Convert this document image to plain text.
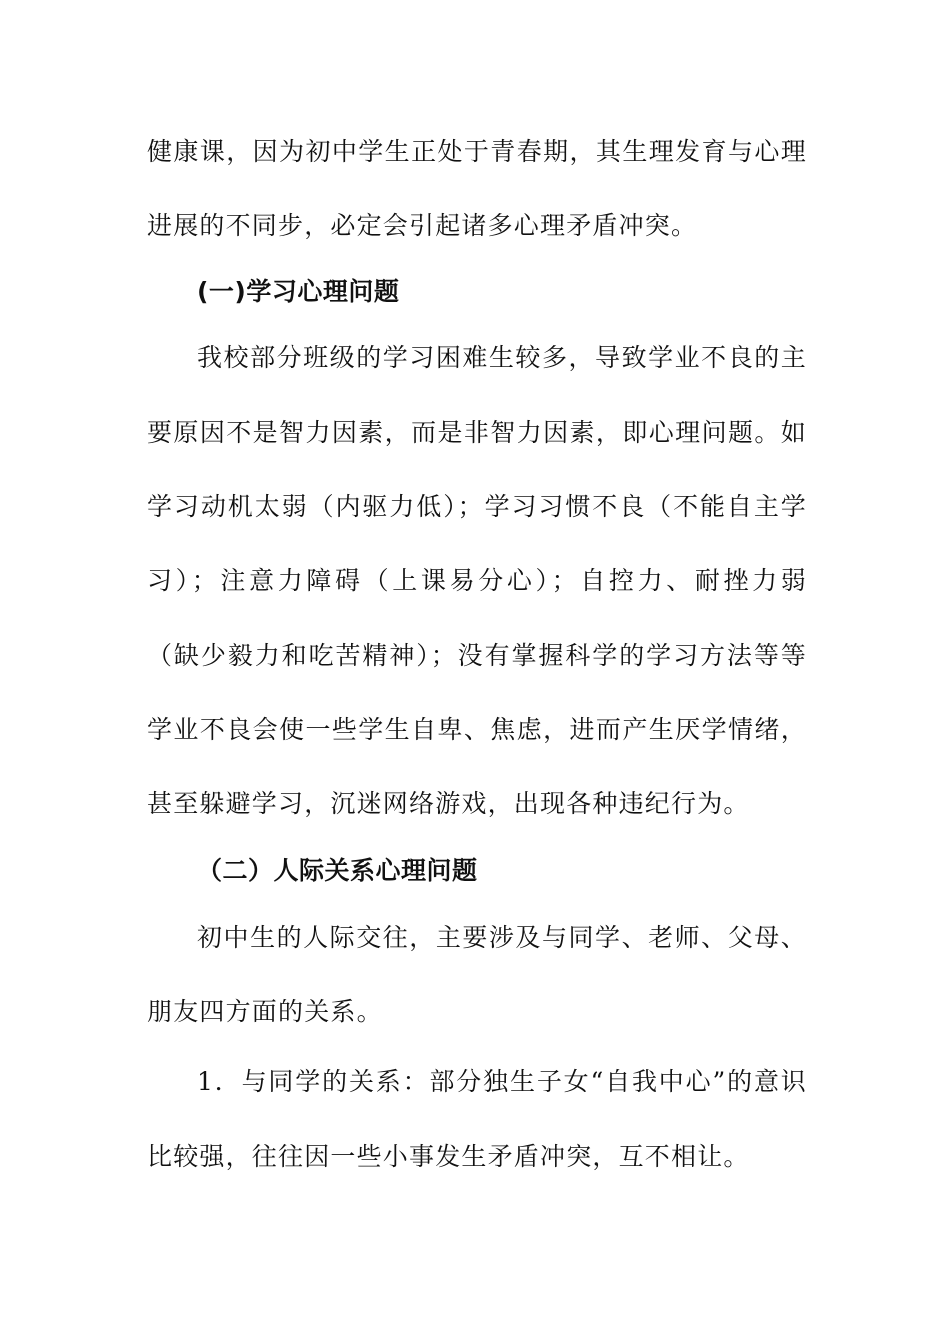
健康课，因为初中学生正处于青春期，其生理发育与心理
进展的不同步，必定会引起诸多心理矛盾冲突。
(一)学习心理问题
我校部分班级的学习困难生较多，导致学业不良的主
要原因不是智力因素，而是非智力因素，即心理问题。如
学习动机太弱（内驱力低）；学习习惯不良（不能自主学
习）；注意力障碍（上课易分心）；自控力、耐挫力弱
（缺少毅力和吃苦精神）；没有掌握科学的学习方法等等
学业不良会使一些学生自卑、焦虑，进而产生厌学情绪，
甚至躲避学习，沉迷网络游戏，出现各种违纪行为。
（二）人际关系心理问题
初中生的人际交往，主要涉及与同学、老师、父母、
朋友四方面的关系。
1．与同学的关系：部分独生子女“自我中心”的意识
比较强，往往因一些小事发生矛盾冲突，互不相让。
